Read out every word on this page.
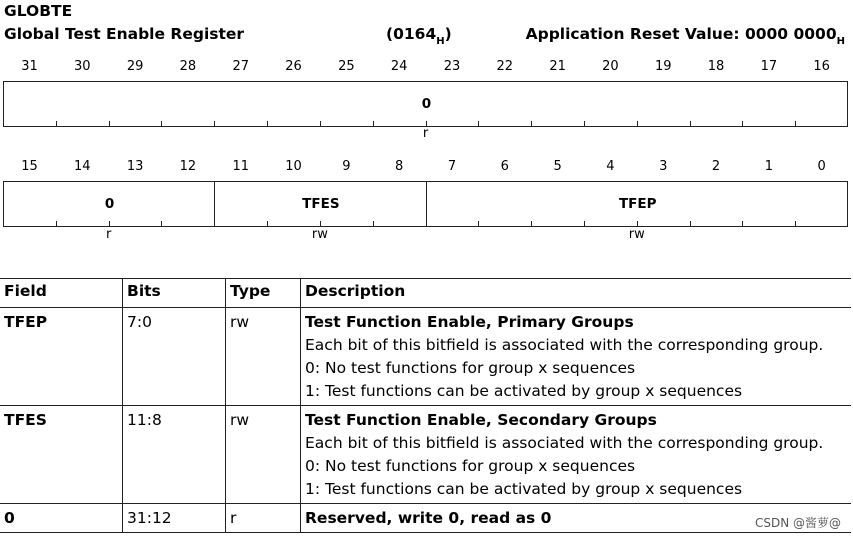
GLOBTE
Global Test Enable Register	$(0164_H)$	Application Reset Value: 0000 $0000_H$
31	30	29	28	27	26	25	24	23	22	21	20	19	18	17	16
0
r
15	14	13	12	11	10	9	8	7	6	5	4	3	2	1	0
0	TFES	TFEP
r	rw	rw
Field	Bits	Type	Description
TFEP	7:0	rw	Test Function Enable, Primary Groups
Each bit of this bitfield is associated with the corresponding group.
0: No test functions for group x sequences
1: Test functions can be activated by group x sequences

TFES	11:8	rw	Test Function Enable, Secondary Groups
Each bit of this bitfield is associated with the corresponding group.
0: No test functions for group x sequences
1: Test functions can be activated by group x sequences

0	31:12	r	Reserved, write 0, read as 0	CSDN @酱萝@
